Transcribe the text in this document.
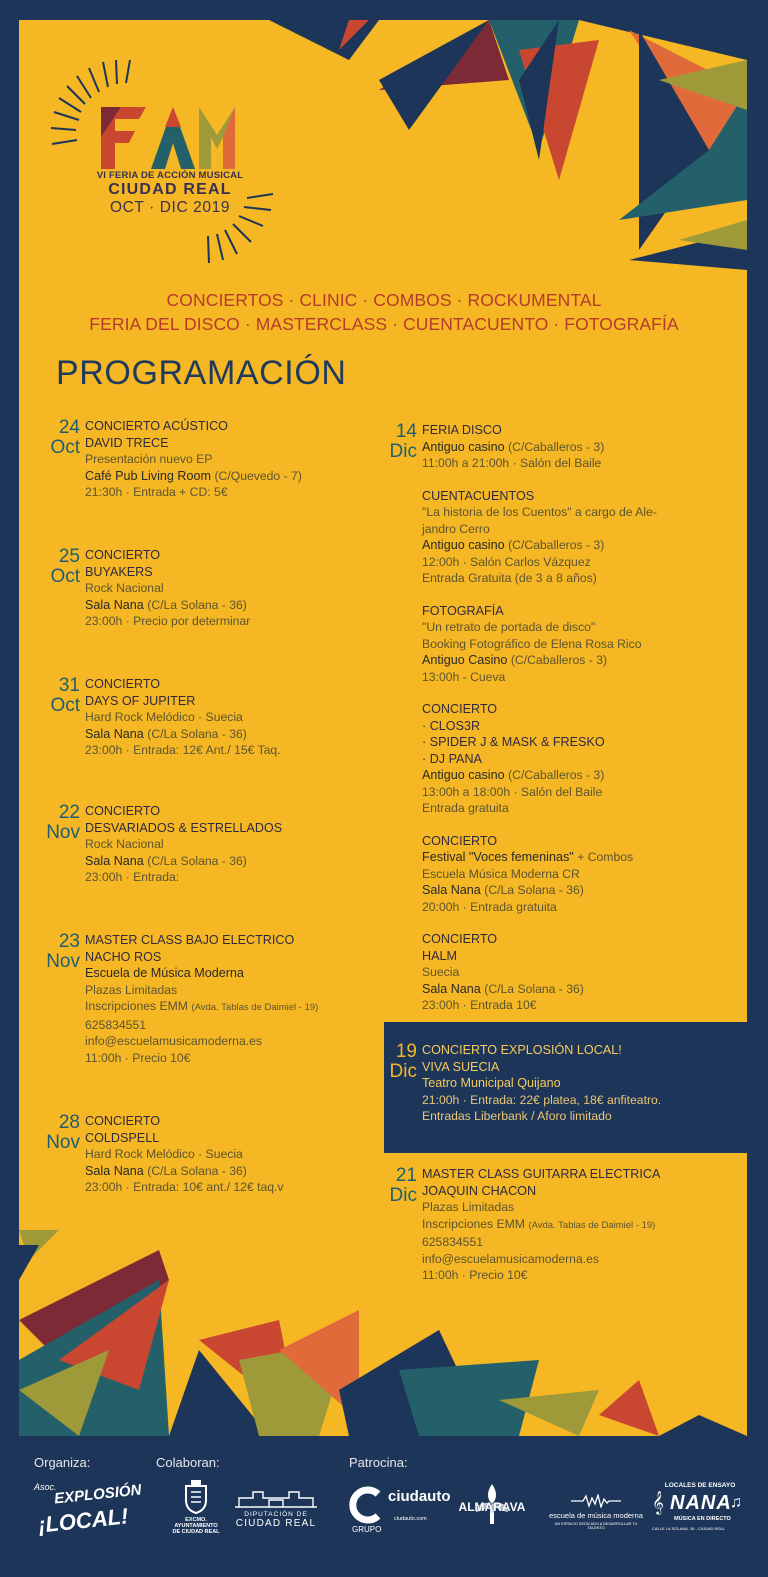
VI FERIA DE ACCIÓN MUSICAL
CIUDAD REAL
OCT · DIC 2019
CONCIERTOS · CLINIC · COMBOS · ROCKUMENTAL
FERIA DEL DISCO · MASTERCLASS · CUENTACUENTO · FOTOGRAFÍA
PROGRAMACIÓN
24
Oct
CONCIERTO ACÚSTICO
DAVID TRECE
Presentación nuevo EP
Café Pub Living Room (C/Quevedo - 7)
21:30h · Entrada + CD: 5€
25
Oct
CONCIERTO
BUYAKERS
Rock Nacional
Sala Nana (C/La Solana - 36)
23:00h · Precio por determinar
31
Oct
CONCIERTO
DAYS OF JUPITER
Hard Rock Melódico · Suecia
Sala Nana (C/La Solana - 36)
23:00h · Entrada: 12€ Ant./ 15€ Taq.
22
Nov
CONCIERTO
DESVARIADOS & ESTRELLADOS
Rock Nacional
Sala Nana (C/La Solana - 36)
23:00h · Entrada:
23
Nov
MASTER CLASS BAJO ELECTRICO
NACHO ROS
Escuela de Música Moderna
Plazas Limitadas
Inscripciones EMM (Avda. Tablas de Daimiel - 19)
625834551
info@escuelamusicamoderna.es
11:00h · Precio 10€
28
Nov
CONCIERTO
COLDSPELL
Hard Rock Melódico · Suecia
Sala Nana (C/La Solana - 36)
23:00h · Entrada: 10€ ant./ 12€ taq.v
14
Dic
FERIA DISCO
Antiguo casino (C/Caballeros - 3)
11:00h a 21:00h · Salón del Baile
CUENTACUENTOS
"La historia de los Cuentos" a cargo de Ale-
jandro Cerro
Antiguo casino (C/Caballeros - 3)
12:00h · Salón Carlos Vázquez
Entrada Gratuita (de 3 a 8 años)
FOTOGRAFÍA
"Un retrato de portada de disco"
Booking Fotográfico de Elena Rosa Rico
Antiguo Casino (C/Caballeros - 3)
13:00h - Cueva
CONCIERTO
· CLOS3R
· SPIDER J & MASK & FRESKO
· DJ PANA
Antiguo casino (C/Caballeros - 3)
13:00h a 18:00h · Salón del Baile
Entrada gratuita
CONCIERTO
Festival "Voces femeninas" + Combos
Escuela Música Moderna CR
Sala Nana (C/La Solana - 36)
20:00h · Entrada gratuita
CONCIERTO
HALM
Suecia
Sala Nana (C/La Solana - 36)
23:00h · Entrada 10€
21
Dic
MASTER CLASS GUITARRA ELECTRICA
JOAQUIN CHACON
Plazas Limitadas
Inscripciones EMM (Avda. Tablas de Daimiel - 19)
625834551
info@escuelamusicamoderna.es
11:00h · Precio 10€
19
Dic
CONCIERTO EXPLOSIÓN LOCAL!
VIVA SUECIA
Teatro Municipal Quijano
21:00h · Entrada: 22€ platea, 18€ anfiteatro.
Entradas Liberbank / Aforo limitado
Organiza:	Colaboran:	Patrocina:
Asoc.
EXPLOSIÓN
¡LOCAL!	EXCMO. AYUNTAMIENTO
DE CIUDAD REAL
DIPUTACIÓN DE
CIUDAD REAL
GRUPO
ciudauto
ciudauto.com
ALMARAVA
escuela de música moderna
UN ESPACIO DEDICADO A DESARROLLAR TU TALENTO
LOCALES DE ENSAYO
𝄞 NANA
♫
MÚSICA EN DIRECTO
CALLE LA SOLANA, 36 - CIUDAD REAL
